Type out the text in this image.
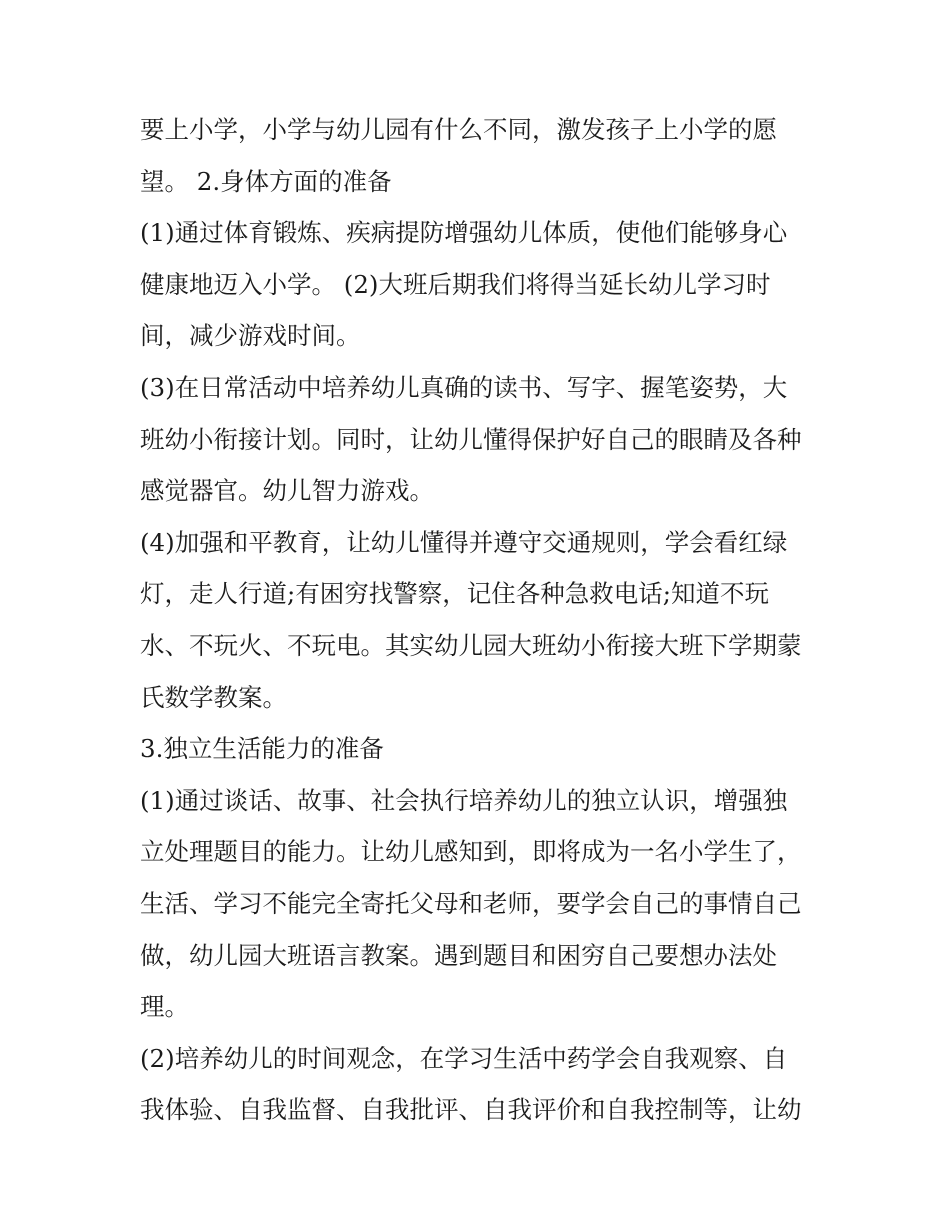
要上小学，小学与幼儿园有什么不同，激发孩子上小学的愿
望。 2.身体方面的准备
(1)通过体育锻炼、疾病提防增强幼儿体质，使他们能够身心
健康地迈入小学。 (2)大班后期我们将得当延长幼儿学习时
间，减少游戏时间。
(3)在日常活动中培养幼儿真确的读书、写字、握笔姿势，大
班幼小衔接计划。同时，让幼儿懂得保护好自己的眼睛及各种
感觉器官。幼儿智力游戏。
(4)加强和平教育，让幼儿懂得并遵守交通规则，学会看红绿
灯，走人行道;有困穷找警察，记住各种急救电话;知道不玩
水、不玩火、不玩电。其实幼儿园大班幼小衔接大班下学期蒙
氏数学教案。
3.独立生活能力的准备
(1)通过谈话、故事、社会执行培养幼儿的独立认识，增强独
立处理题目的能力。让幼儿感知到，即将成为一名小学生了，
生活、学习不能完全寄托父母和老师，要学会自己的事情自己
做，幼儿园大班语言教案。遇到题目和困穷自己要想办法处
理。
(2)培养幼儿的时间观念，在学习生活中药学会自我观察、自
我体验、自我监督、自我批评、自我评价和自我控制等，让幼
